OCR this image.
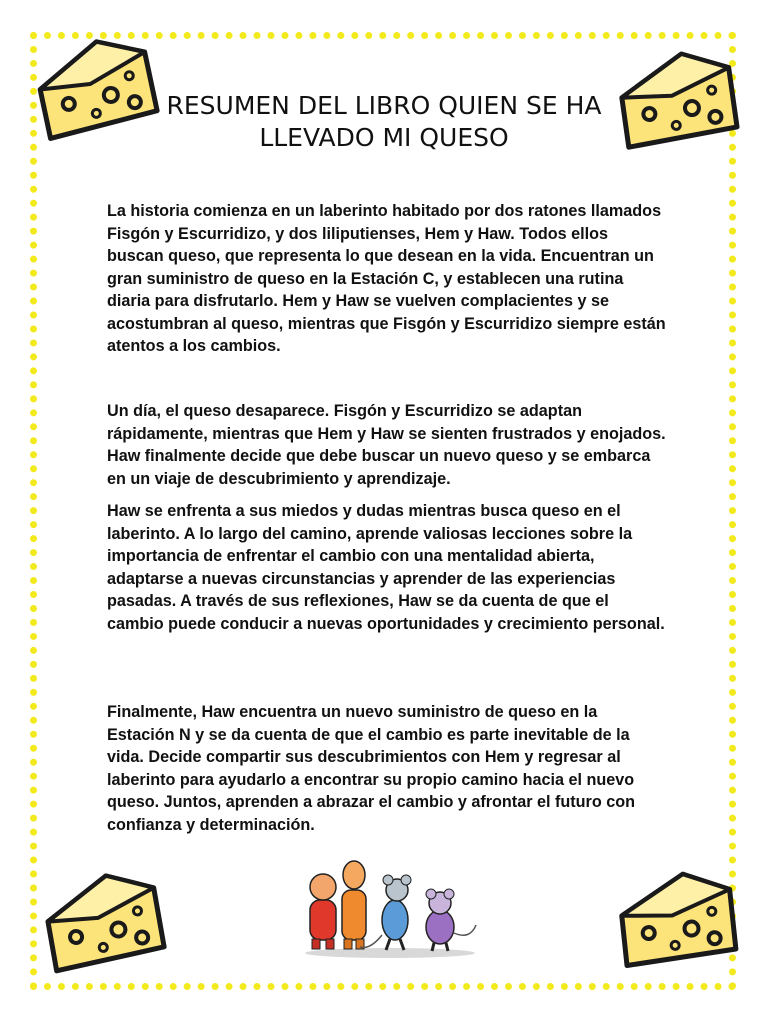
RESUMEN DEL LIBRO QUIEN SE HA LLEVADO MI QUESO

La historia comienza en un laberinto habitado por dos ratones llamados Fisgón y Escurridizo, y dos liliputienses, Hem y Haw. Todos ellos buscan queso, que representa lo que desean en la vida. Encuentran un gran suministro de queso en la Estación C, y establecen una rutina diaria para disfrutarlo. Hem y Haw se vuelven complacientes y se acostumbran al queso, mientras que Fisgón y Escurridizo siempre están atentos a los cambios.

Un día, el queso desaparece. Fisgón y Escurridizo se adaptan rápidamente, mientras que Hem y Haw se sienten frustrados y enojados. Haw finalmente decide que debe buscar un nuevo queso y se embarca en un viaje de descubrimiento y aprendizaje.

Haw se enfrenta a sus miedos y dudas mientras busca queso en el laberinto. A lo largo del camino, aprende valiosas lecciones sobre la importancia de enfrentar el cambio con una mentalidad abierta, adaptarse a nuevas circunstancias y aprender de las experiencias pasadas. A través de sus reflexiones, Haw se da cuenta de que el cambio puede conducir a nuevas oportunidades y crecimiento personal.

Finalmente, Haw encuentra un nuevo suministro de queso en la Estación N y se da cuenta de que el cambio es parte inevitable de la vida. Decide compartir sus descubrimientos con Hem y regresar al laberinto para ayudarlo a encontrar su propio camino hacia el nuevo queso. Juntos, aprenden a abrazar el cambio y afrontar el futuro con confianza y determinación.
